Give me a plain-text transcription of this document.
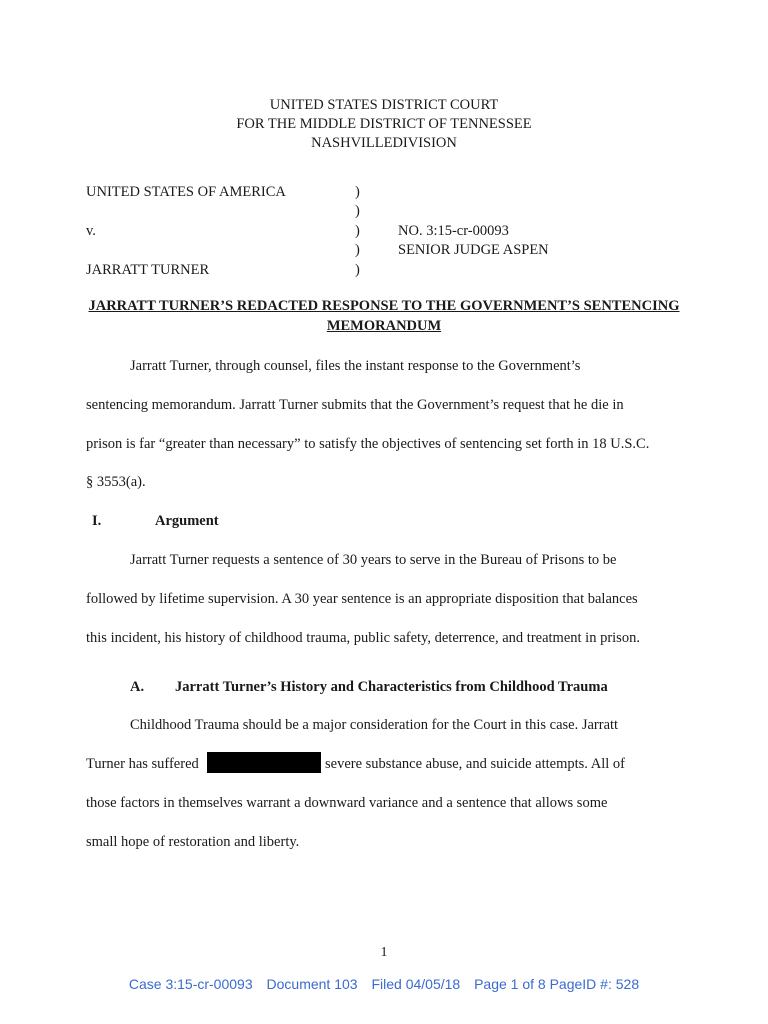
UNITED STATES DISTRICT COURT
FOR THE MIDDLE DISTRICT OF TENNESSEE
NASHVILLEDIVISION
UNITED STATES OF AMERICA
v.
JARRATT TURNER
)
)
)
)
)
NO. 3:15-cr-00093
SENIOR JUDGE ASPEN
JARRATT TURNER’S REDACTED RESPONSE TO THE GOVERNMENT’S SENTENCING
MEMORANDUM
Jarratt Turner, through counsel, files the instant response to the Government’s
sentencing memorandum. Jarratt Turner submits that the Government’s request that he die in
prison is far “greater than necessary” to satisfy the objectives of sentencing set forth in 18 U.S.C.
§ 3553(a).
I.	Argument
Jarratt Turner requests a sentence of 30 years to serve in the Bureau of Prisons to be
followed by lifetime supervision. A 30 year sentence is an appropriate disposition that balances
this incident, his history of childhood trauma, public safety, deterrence, and treatment in prison.
A. Jarratt Turner’s History and Characteristics from Childhood Trauma
Childhood Trauma should be a major consideration for the Court in this case. Jarratt
Turner has suffered	severe substance abuse, and suicide attempts. All of
those factors in themselves warrant a downward variance and a sentence that allows some
small hope of restoration and liberty.
1
Case 3:15-cr-00093 Document 103 Filed 04/05/18 Page 1 of 8 PageID #: 528
